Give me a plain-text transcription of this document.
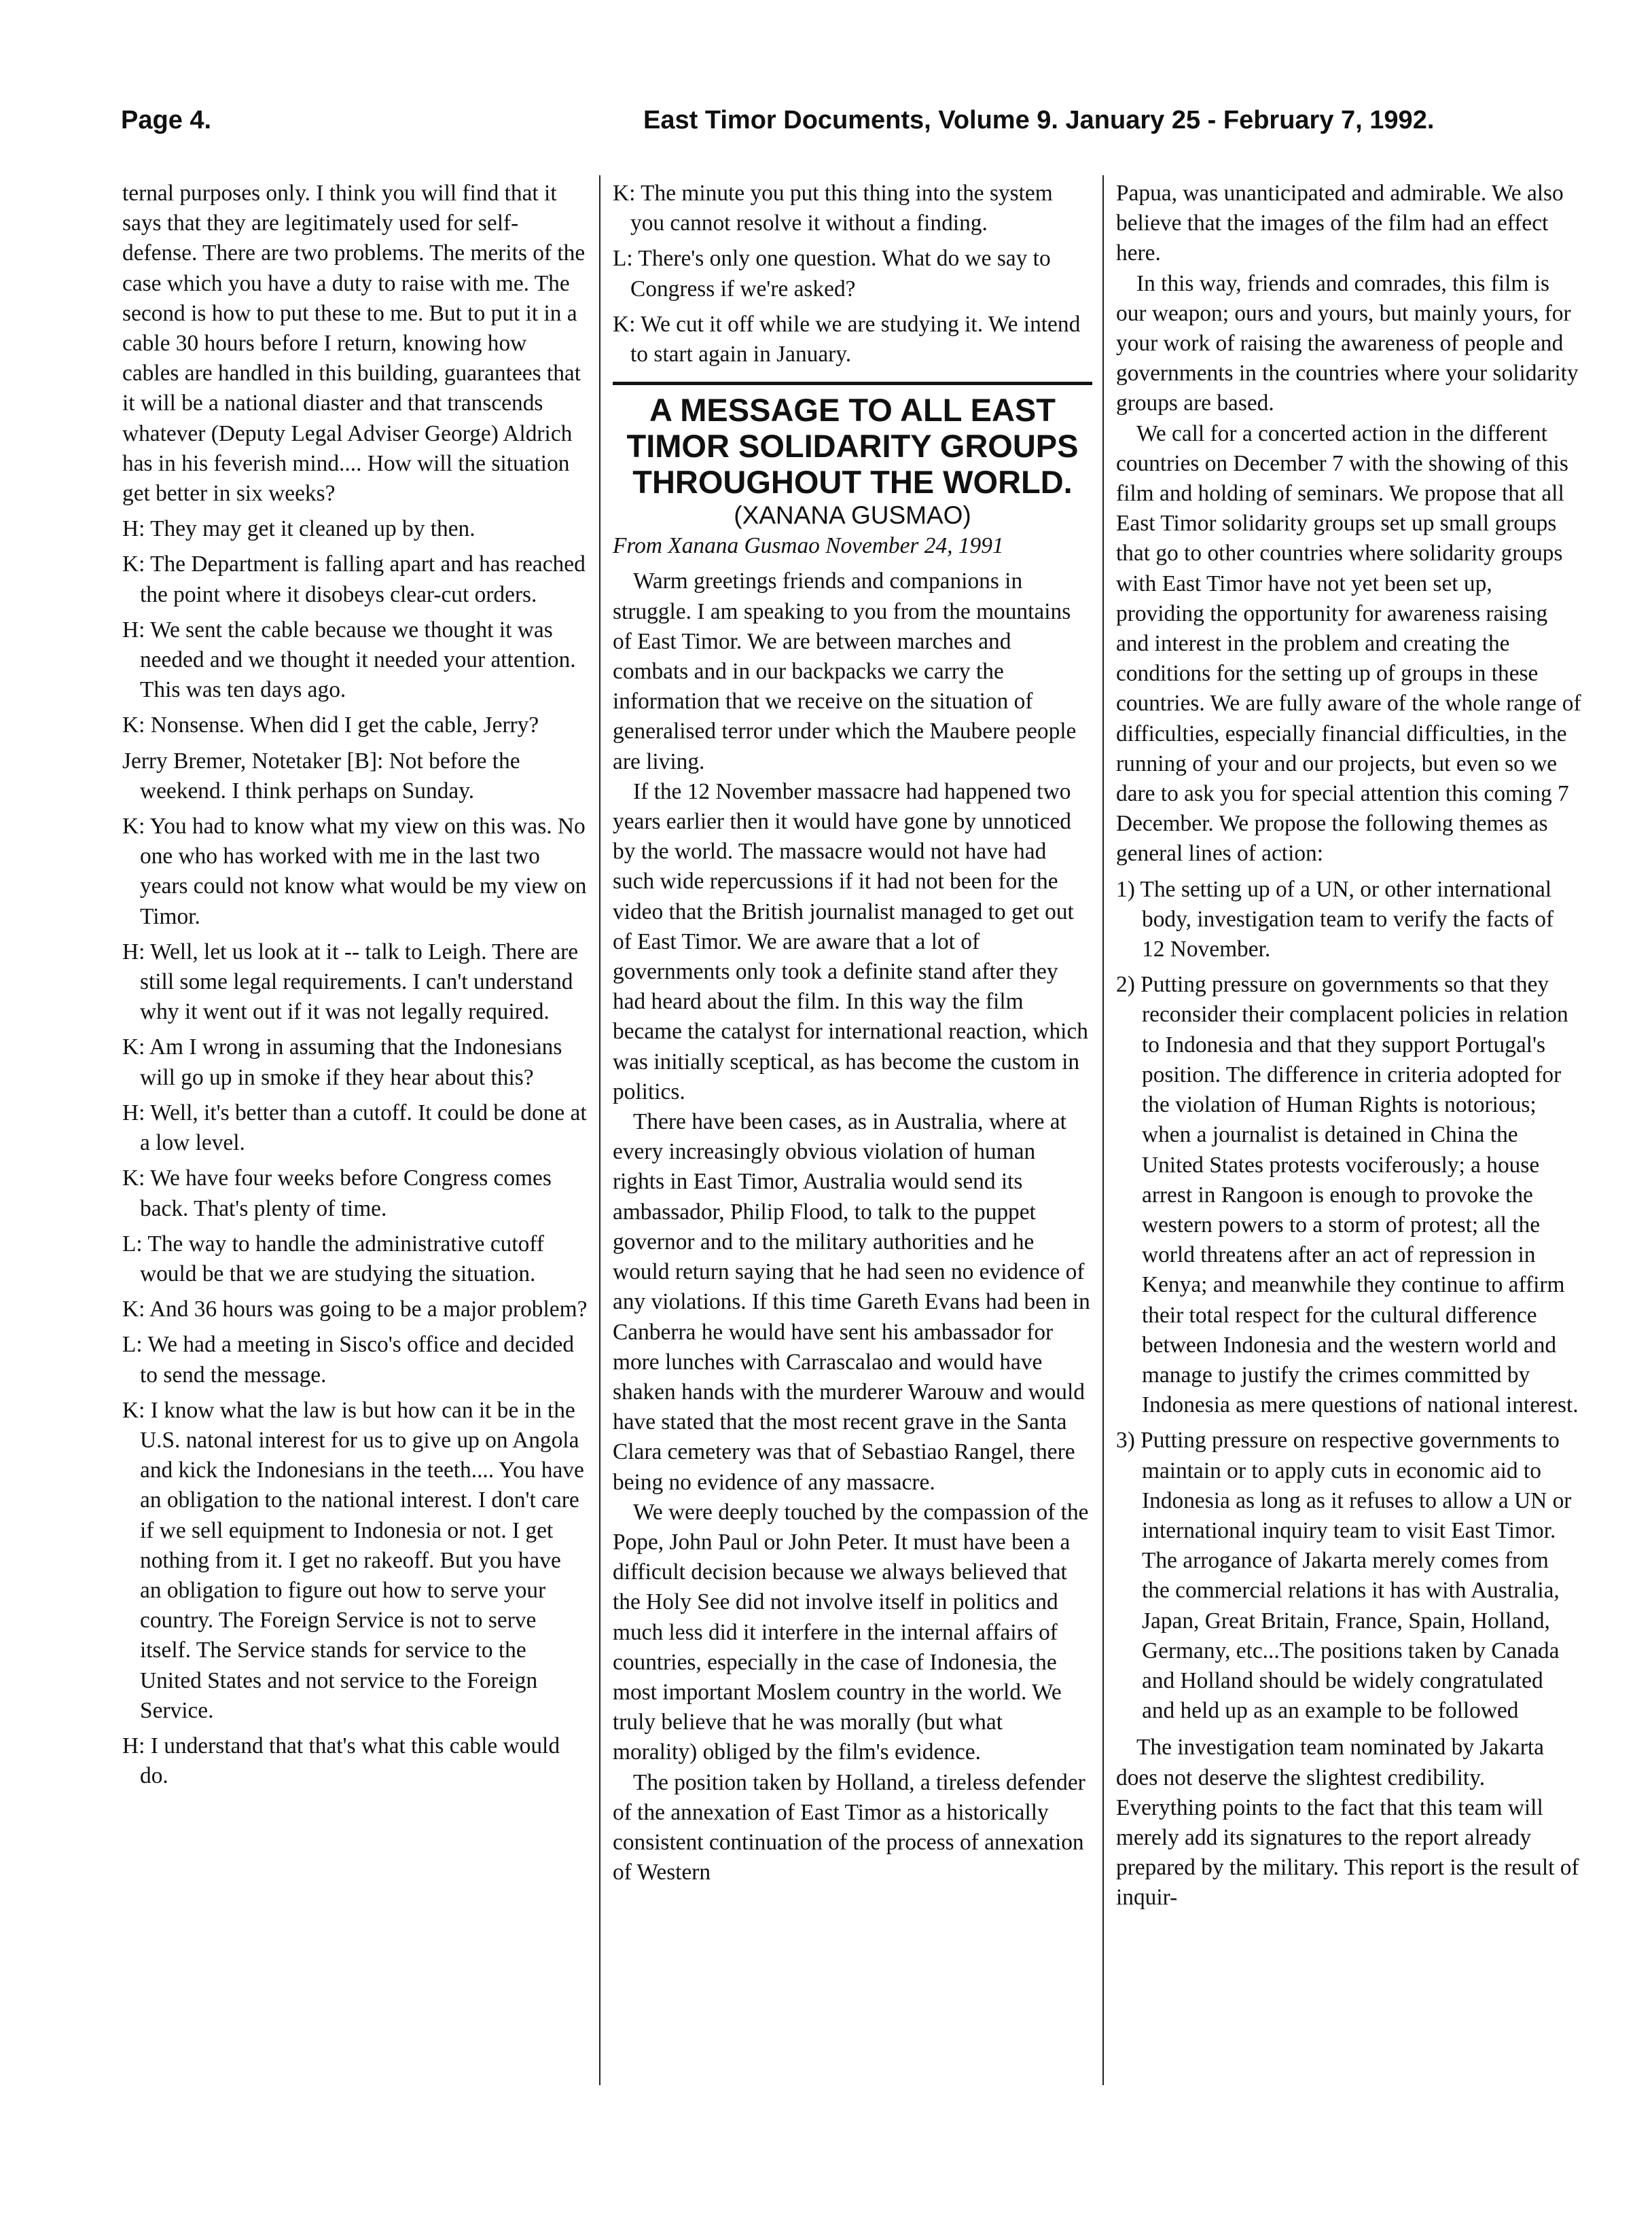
Page 4.	East Timor Documents, Volume 9. January 25 - February 7, 1992.

ternal purposes only. I think you will find that it says that they are legitimately used for self-defense. There are two problems. The merits of the case which you have a duty to raise with me. The second is how to put these to me. But to put it in a cable 30 hours before I return, knowing how cables are handled in this building, guarantees that it will be a national diaster and that transcends whatever (Deputy Legal Adviser George) Aldrich has in his feverish mind.... How will the situation get better in six weeks?

H: They may get it cleaned up by then.

K: The Department is falling apart and has reached the point where it disobeys clear-cut orders.

H: We sent the cable because we thought it was needed and we thought it needed your attention. This was ten days ago.

K: Nonsense. When did I get the cable, Jerry?

Jerry Bremer, Notetaker [B]: Not before the weekend. I think perhaps on Sunday.

K: You had to know what my view on this was. No one who has worked with me in the last two years could not know what would be my view on Timor.

H: Well, let us look at it -- talk to Leigh. There are still some legal requirements. I can't understand why it went out if it was not legally required.

K: Am I wrong in assuming that the Indonesians will go up in smoke if they hear about this?

H: Well, it's better than a cutoff. It could be done at a low level.

K: We have four weeks before Congress comes back. That's plenty of time.

L: The way to handle the administrative cutoff would be that we are studying the situation.

K: And 36 hours was going to be a major problem?

L: We had a meeting in Sisco's office and decided to send the message.

K: I know what the law is but how can it be in the U.S. natonal interest for us to give up on Angola and kick the Indonesians in the teeth.... You have an obligation to the national interest. I don't care if we sell equipment to Indonesia or not. I get nothing from it. I get no rakeoff. But you have an obligation to figure out how to serve your country. The Foreign Service is not to serve itself. The Service stands for service to the United States and not service to the Foreign Service.

H: I understand that that's what this cable would do.

K: The minute you put this thing into the system you cannot resolve it without a finding.

L: There's only one question. What do we say to Congress if we're asked?

K: We cut it off while we are studying it. We intend to start again in January.

A MESSAGE TO ALL EAST TIMOR SOLIDARITY GROUPS THROUGHOUT THE WORLD.

(XANANA GUSMAO)

From Xanana Gusmao November 24, 1991

Warm greetings friends and companions in struggle. I am speaking to you from the mountains of East Timor. We are between marches and combats and in our backpacks we carry the information that we receive on the situation of generalised terror under which the Maubere people are living.

If the 12 November massacre had happened two years earlier then it would have gone by unnoticed by the world. The massacre would not have had such wide repercussions if it had not been for the video that the British journalist managed to get out of East Timor. We are aware that a lot of governments only took a definite stand after they had heard about the film. In this way the film became the catalyst for international reaction, which was initially sceptical, as has become the custom in politics.

There have been cases, as in Australia, where at every increasingly obvious violation of human rights in East Timor, Australia would send its ambassador, Philip Flood, to talk to the puppet governor and to the military authorities and he would return saying that he had seen no evidence of any violations. If this time Gareth Evans had been in Canberra he would have sent his ambassador for more lunches with Carrascalao and would have shaken hands with the murderer Warouw and would have stated that the most recent grave in the Santa Clara cemetery was that of Sebastiao Rangel, there being no evidence of any massacre.

We were deeply touched by the compassion of the Pope, John Paul or John Peter. It must have been a difficult decision because we always believed that the Holy See did not involve itself in politics and much less did it interfere in the internal affairs of countries, especially in the case of Indonesia, the most important Moslem country in the world. We truly believe that he was morally (but what morality) obliged by the film's evidence.

The position taken by Holland, a tireless defender of the annexation of East Timor as a historically consistent continuation of the process of annexation of Western

Papua, was unanticipated and admirable. We also believe that the images of the film had an effect here.

In this way, friends and comrades, this film is our weapon; ours and yours, but mainly yours, for your work of raising the awareness of people and governments in the countries where your solidarity groups are based.

We call for a concerted action in the different countries on December 7 with the showing of this film and holding of seminars. We propose that all East Timor solidarity groups set up small groups that go to other countries where solidarity groups with East Timor have not yet been set up, providing the opportunity for awareness raising and interest in the problem and creating the conditions for the setting up of groups in these countries. We are fully aware of the whole range of difficulties, especially financial difficulties, in the running of your and our projects, but even so we dare to ask you for special attention this coming 7 December. We propose the following themes as general lines of action:

1) The setting up of a UN, or other international body, investigation team to verify the facts of 12 November.

2) Putting pressure on governments so that they reconsider their complacent policies in relation to Indonesia and that they support Portugal's position. The difference in criteria adopted for the violation of Human Rights is notorious; when a journalist is detained in China the United States protests vociferously; a house arrest in Rangoon is enough to provoke the western powers to a storm of protest; all the world threatens after an act of repression in Kenya; and meanwhile they continue to affirm their total respect for the cultural difference between Indonesia and the western world and manage to justify the crimes committed by Indonesia as mere questions of national interest.

3) Putting pressure on respective governments to maintain or to apply cuts in economic aid to Indonesia as long as it refuses to allow a UN or international inquiry team to visit East Timor. The arrogance of Jakarta merely comes from the commercial relations it has with Australia, Japan, Great Britain, France, Spain, Holland, Germany, etc...The positions taken by Canada and Holland should be widely congratulated and held up as an example to be followed

The investigation team nominated by Jakarta does not deserve the slightest credibility. Everything points to the fact that this team will merely add its signatures to the report already prepared by the military. This report is the result of inquir-
